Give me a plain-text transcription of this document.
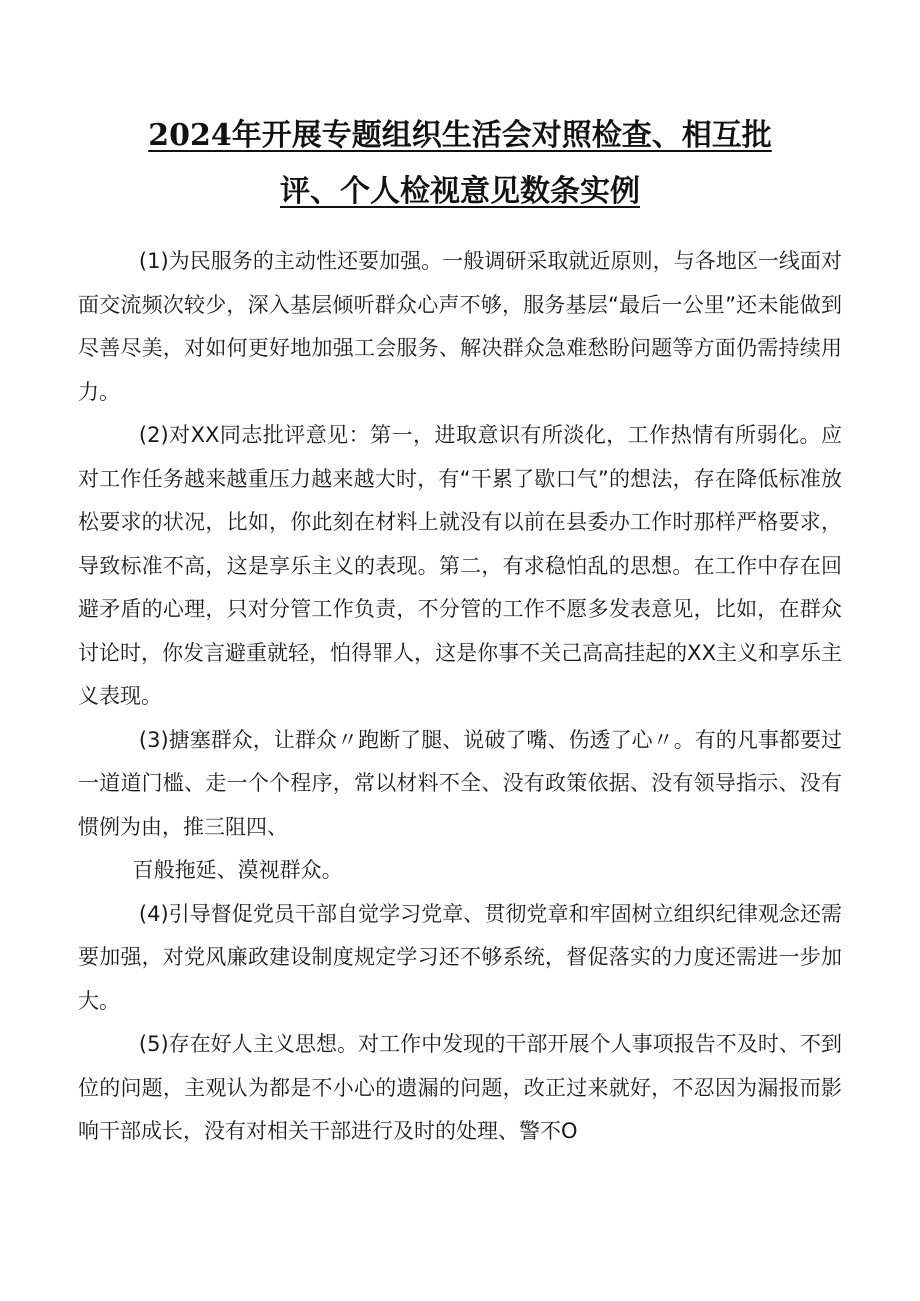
2024年开展专题组织生活会对照检查、相互批
评、个人检视意见数条实例

(1)为民服务的主动性还要加强。一般调研采取就近原则，与各地区一线面对面交流频次较少，深入基层倾听群众心声不够，服务基层“最后一公里”还未能做到尽善尽美，对如何更好地加强工会服务、解决群众急难愁盼问题等方面仍需持续用力。

(2)对XX同志批评意见：第一，进取意识有所淡化，工作热情有所弱化。应对工作任务越来越重压力越来越大时，有“干累了歇口气”的想法，存在降低标准放松要求的状况，比如，你此刻在材料上就没有以前在县委办工作时那样严格要求，导致标准不高，这是享乐主义的表现。第二，有求稳怕乱的思想。在工作中存在回避矛盾的心理，只对分管工作负责，不分管的工作不愿多发表意见，比如，在群众讨论时，你发言避重就轻，怕得罪人，这是你事不关己高高挂起的XX主义和享乐主义表现。

(3)搪塞群众，让群众〃跑断了腿、说破了嘴、伤透了心〃。有的凡事都要过一道道门槛、走一个个程序，常以材料不全、没有政策依据、没有领导指示、没有惯例为由，推三阻四、

百般拖延、漠视群众。

(4)引导督促党员干部自觉学习党章、贯彻党章和牢固树立组织纪律观念还需要加强，对党风廉政建设制度规定学习还不够系统，督促落实的力度还需进一步加大。

(5)存在好人主义思想。对工作中发现的干部开展个人事项报告不及时、不到位的问题，主观认为都是不小心的遗漏的问题，改正过来就好，不忍因为漏报而影响干部成长，没有对相关干部进行及时的处理、警不O
